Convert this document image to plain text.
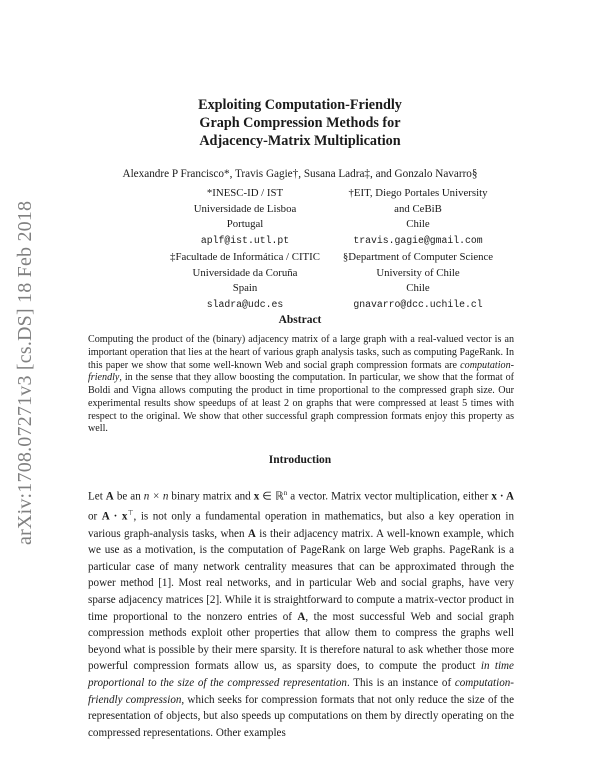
arXiv:1708.07271v3 [cs.DS] 18 Feb 2018
Exploiting Computation-Friendly
Graph Compression Methods for
Adjacency-Matrix Multiplication
Alexandre P Francisco*, Travis Gagie†, Susana Ladra‡, and Gonzalo Navarro§
*INESC-ID / IST
Universidade de Lisboa
Portugal
aplf@ist.utl.pt
†EIT, Diego Portales University
and CeBiB
Chile
travis.gagie@gmail.com
‡Facultade de Informática / CITIC
Universidade da Coruña
Spain
sladra@udc.es
§Department of Computer Science
University of Chile
Chile
gnavarro@dcc.uchile.cl
Abstract
Computing the product of the (binary) adjacency matrix of a large graph with a real-valued vector is an important operation that lies at the heart of various graph analysis tasks, such as computing PageRank. In this paper we show that some well-known Web and social graph compression formats are computation-friendly, in the sense that they allow boosting the computation. In particular, we show that the format of Boldi and Vigna allows computing the product in time proportional to the compressed graph size. Our experimental results show speedups of at least 2 on graphs that were compressed at least 5 times with respect to the original. We show that other successful graph compression formats enjoy this property as well.
Introduction
Let A be an n × n binary matrix and x ∈ ℝ$^n$ a vector. Matrix vector multiplication, either x · A or A · x⊤, is not only a fundamental operation in mathematics, but also a key operation in various graph-analysis tasks, when A is their adjacency matrix. A well-known example, which we use as a motivation, is the computation of PageRank on large Web graphs. PageRank is a particular case of many network centrality measures that can be approximated through the power method [1]. Most real networks, and in particular Web and social graphs, have very sparse adjacency matrices [2]. While it is straightforward to compute a matrix-vector product in time proportional to the nonzero entries of A, the most successful Web and social graph compression methods exploit other properties that allow them to compress the graphs well beyond what is possible by their mere sparsity. It is therefore natural to ask whether those more powerful compression formats allow us, as sparsity does, to compute the product in time proportional to the size of the compressed representation. This is an instance of computation-friendly compression, which seeks for compression formats that not only reduce the size of the representation of objects, but also speeds up computations on them by directly operating on the compressed representations. Other examples
